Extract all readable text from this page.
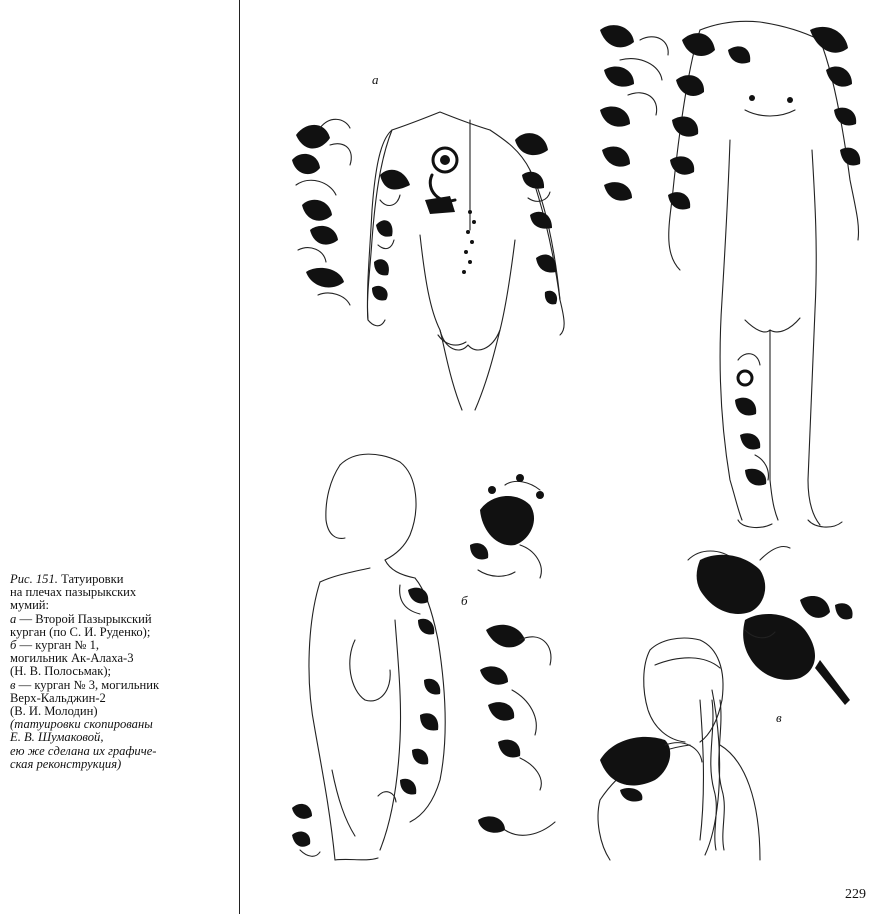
а
б
в
Рис. 151. Татуировки
на плечах пазырыкских
мумий:
а — Второй Пазырыкский
курган (по С. И. Руденко);
б — курган № 1,
могильник Ак-Алаха-3
(Н. В. Полосьмак);
в — курган № 3, могильник
Верх-Кальджин-2
(В. И. Молодин)
(татуировки скопированы
Е. В. Шумаковой,
ею же сделана их графиче-
ская реконструкция)
229
